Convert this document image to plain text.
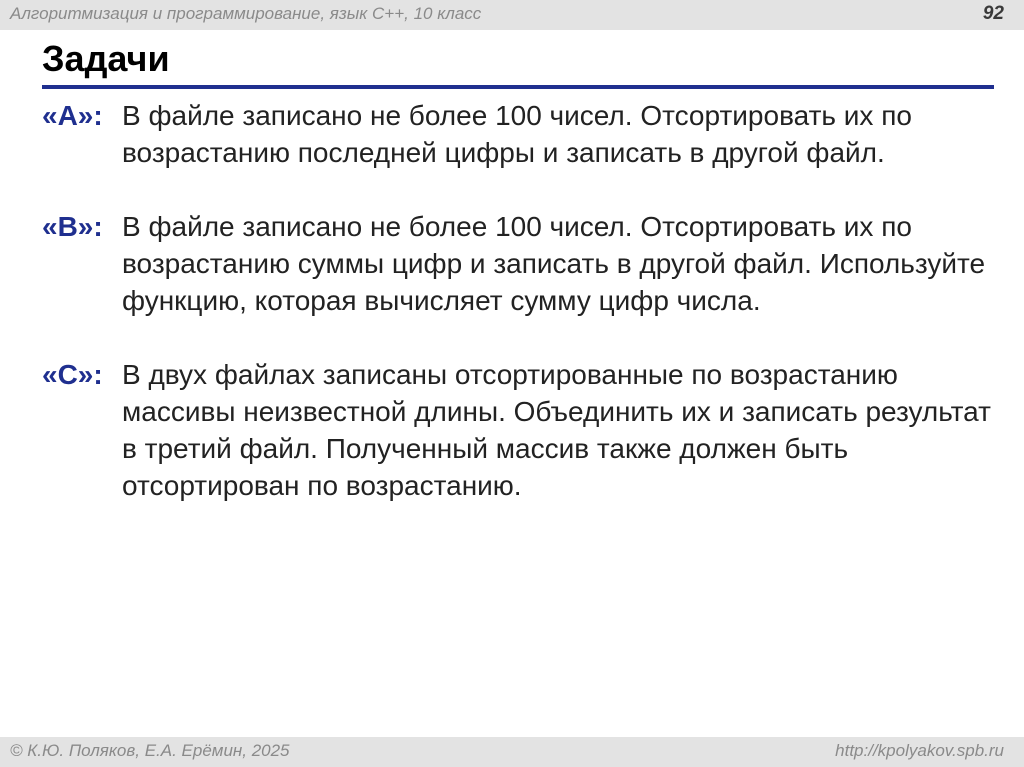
Алгоритмизация и программирование, язык C++, 10 класс	92
Задачи
«A»: В файле записано не более 100 чисел. Отсортировать их по возрастанию последней цифры и записать в другой файл.
«B»: В файле записано не более 100 чисел. Отсортировать их по возрастанию суммы цифр и записать в другой файл. Используйте функцию, которая вычисляет сумму цифр числа.
«C»: В двух файлах записаны отсортированные по возрастанию массивы неизвестной длины. Объединить их и записать результат в третий файл. Полученный массив также должен быть отсортирован по возрастанию.
© К.Ю. Поляков, Е.А. Ерёмин, 2025	http://kpolyakov.spb.ru
